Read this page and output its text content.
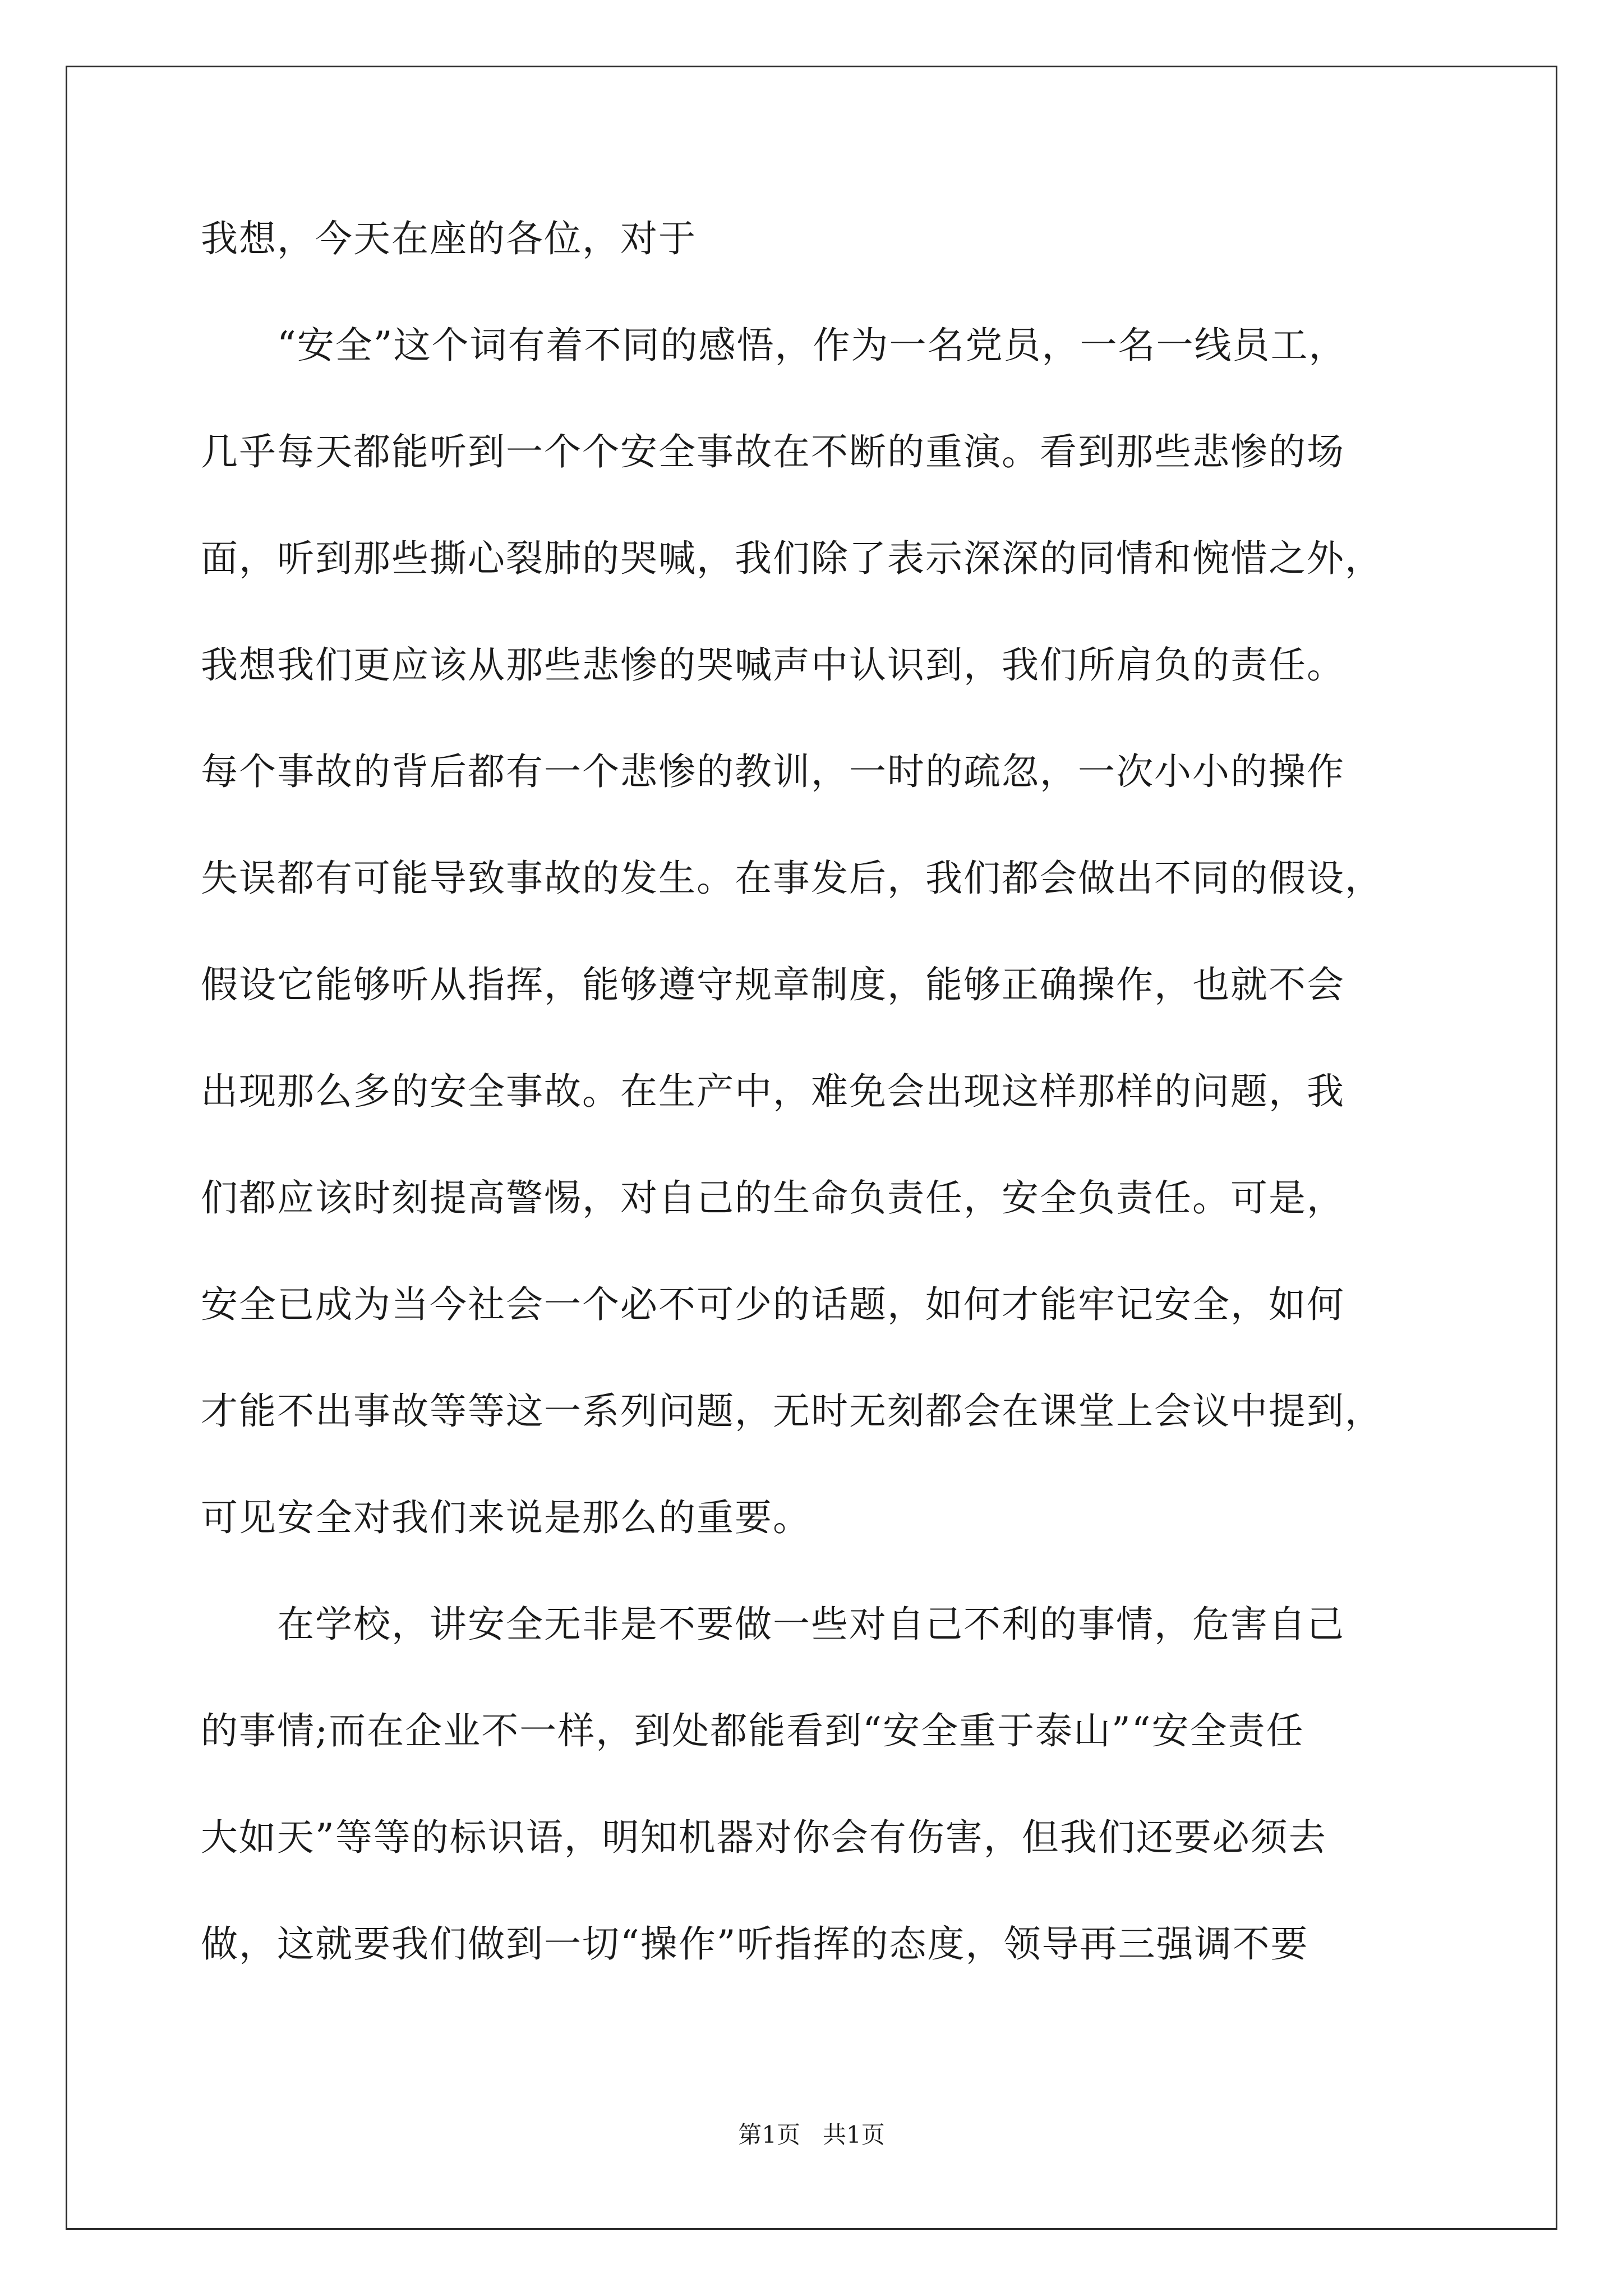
我想，今天在座的各位，对于
　　“安全”这个词有着不同的感悟，作为一名党员，一名一线员工，
几乎每天都能听到一个个安全事故在不断的重演。看到那些悲惨的场
面，听到那些撕心裂肺的哭喊，我们除了表示深深的同情和惋惜之外，
我想我们更应该从那些悲惨的哭喊声中认识到，我们所肩负的责任。
每个事故的背后都有一个悲惨的教训，一时的疏忽，一次小小的操作
失误都有可能导致事故的发生。在事发后，我们都会做出不同的假设，
假设它能够听从指挥，能够遵守规章制度，能够正确操作，也就不会
出现那么多的安全事故。在生产中，难免会出现这样那样的问题，我
们都应该时刻提高警惕，对自己的生命负责任，安全负责任。可是，
安全已成为当今社会一个必不可少的话题，如何才能牢记安全，如何
才能不出事故等等这一系列问题，无时无刻都会在课堂上会议中提到，
可见安全对我们来说是那么的重要。
　　在学校，讲安全无非是不要做一些对自己不利的事情，危害自己
的事情;而在企业不一样，到处都能看到“安全重于泰山”“安全责任
大如天”等等的标识语，明知机器对你会有伤害，但我们还要必须去
做，这就要我们做到一切“操作”听指挥的态度，领导再三强调不要
第1页 共1页
